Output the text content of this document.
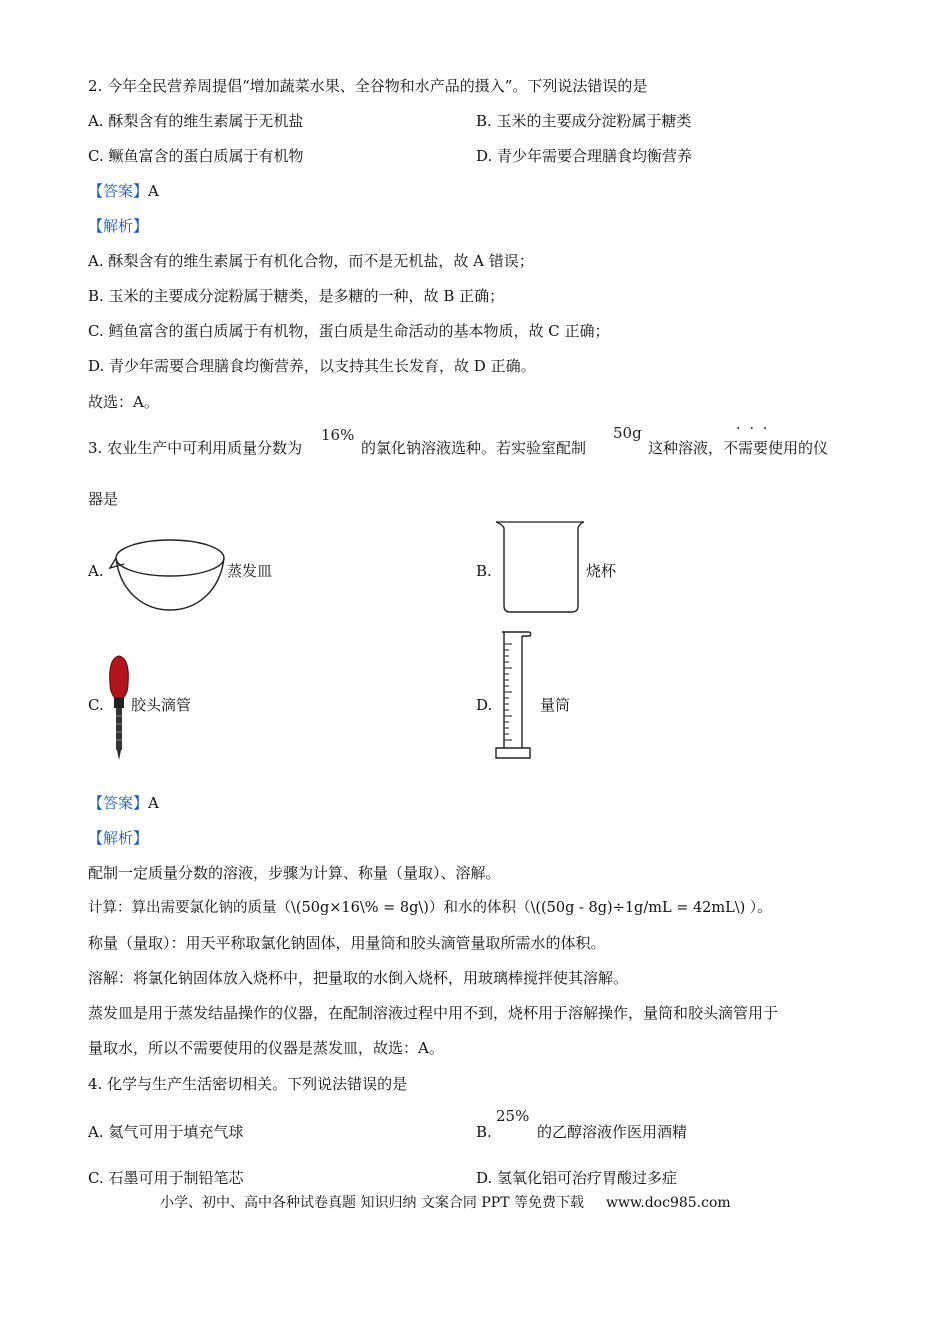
2. 今年全民营养周提倡“增加蔬菜水果、全谷物和水产品的摄入”。下列说法错误的是
A. 酥梨含有的维生素属于无机盐	B. 玉米的主要成分淀粉属于糖类
C. 鳜鱼富含的蛋白质属于有机物	D. 青少年需要合理膳食均衡营养
【答案】A
【解析】
A. 酥梨含有的维生素属于有机化合物，而不是无机盐，故 A 错误；
B. 玉米的主要成分淀粉属于糖类，是多糖的一种，故 B 正确；
C. 鳕鱼富含的蛋白质属于有机物，蛋白质是生命活动的基本物质，故 C 正确；
D. 青少年需要合理膳食均衡营养，以支持其生长发育，故 D 正确。
故选：A。
3. 农业生产中可利用质量分数为
16%
的氯化钠溶液选种。若实验室配制
50g
这种溶液，不需要使用的仪
···
器是
A.	蒸发皿	B.	烧杯
C. 胶头滴管	D.	量筒
【答案】A
【解析】
配制一定质量分数的溶液，步骤为计算、称量（量取）、溶解。
计算：算出需要氯化钠的质量（\(50g×16\% = 8g\)）和水的体积（\((50g - 8g)÷1g/mL = 42mL\) ）。
称量（量取）：用天平称取氯化钠固体，用量筒和胶头滴管量取所需水的体积。
溶解：将氯化钠固体放入烧杯中，把量取的水倒入烧杯，用玻璃棒搅拌使其溶解。
蒸发皿是用于蒸发结晶操作的仪器，在配制溶液过程中用不到，烧杯用于溶解操作，量筒和胶头滴管用于
量取水，所以不需要使用的仪器是蒸发皿，故选：A。
4. 化学与生产生活密切相关。下列说法错误的是
A. 氦气可用于填充气球	B.
25%
的乙醇溶液作医用酒精
C. 石墨可用于制铅笔芯	D. 氢氧化铝可治疗胃酸过多症
小学、初中、高中各种试卷真题 知识归纳 文案合同 PPT 等免费下载 www.doc985.com
